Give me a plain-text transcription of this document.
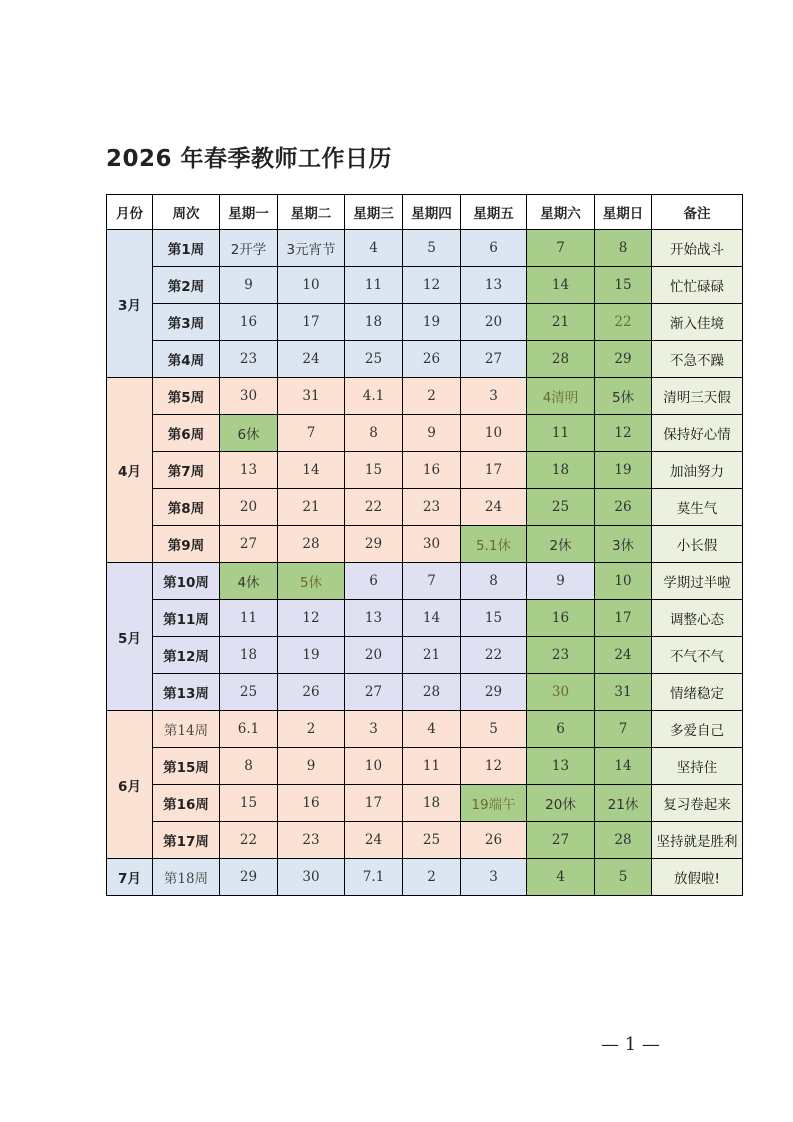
2026 年春季教师工作日历
月份	周次	星期一	星期二	星期三	星期四	星期五	星期六	星期日	备注
3月	第1周	2开学	3元宵节	4	5	6	7	8	开始战斗
	第2周	9	10	11	12	13	14	15	忙忙碌碌
	第3周	16	17	18	19	20	21	22	渐入佳境
	第4周	23	24	25	26	27	28	29	不急不躁
4月	第5周	30	31	4.1	2	3	4清明	5休	清明三天假
	第6周	6休	7	8	9	10	11	12	保持好心情
	第7周	13	14	15	16	17	18	19	加油努力
	第8周	20	21	22	23	24	25	26	莫生气
	第9周	27	28	29	30	5.1休	2休	3休	小长假
5月	第10周	4休	5休	6	7	8	9	10	学期过半啦
	第11周	11	12	13	14	15	16	17	调整心态
	第12周	18	19	20	21	22	23	24	不气不气
	第13周	25	26	27	28	29	30	31	情绪稳定
6月	第14周	6.1	2	3	4	5	6	7	多爱自己
	第15周	8	9	10	11	12	13	14	坚持住
	第16周	15	16	17	18	19端午	20休	21休	复习卷起来
	第17周	22	23	24	25	26	27	28	坚持就是胜利
7月	第18周	29	30	7.1	2	3	4	5	放假啦!
— 1 —
